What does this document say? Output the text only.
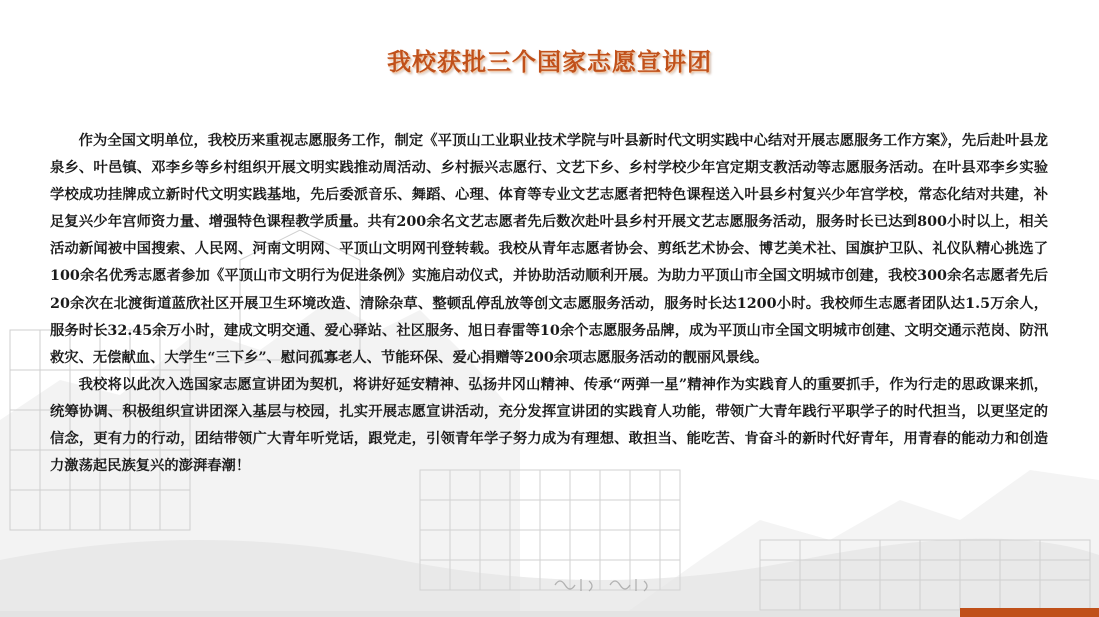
我校获批三个国家志愿宣讲团

作为全国文明单位，我校历来重视志愿服务工作，制定《平顶山工业职业技术学院与叶县新时代文明实践中心结对开展志愿服务工作方案》，先后赴叶县龙泉乡、叶邑镇、邓李乡等乡村组织开展文明实践推动周活动、乡村振兴志愿行、文艺下乡、乡村学校少年宫定期支教活动等志愿服务活动。在叶县邓李乡实验学校成功挂牌成立新时代文明实践基地，先后委派音乐、舞蹈、心理、体育等专业文艺志愿者把特色课程送入叶县乡村复兴少年宫学校，常态化结对共建，补足复兴少年宫师资力量、增强特色课程教学质量。共有200余名文艺志愿者先后数次赴叶县乡村开展文艺志愿服务活动，服务时长已达到800小时以上，相关活动新闻被中国搜索、人民网、河南文明网、平顶山文明网刊登转载。我校从青年志愿者协会、剪纸艺术协会、博艺美术社、国旗护卫队、礼仪队精心挑选了100余名优秀志愿者参加《平顶山市文明行为促进条例》实施启动仪式，并协助活动顺利开展。为助力平顶山市全国文明城市创建，我校300余名志愿者先后20余次在北渡街道蓝欣社区开展卫生环境改造、清除杂草、整顿乱停乱放等创文志愿服务活动，服务时长达1200小时。我校师生志愿者团队达1.5万余人，服务时长32.45余万小时，建成文明交通、爱心驿站、社区服务、旭日春雷等10余个志愿服务品牌，成为平顶山市全国文明城市创建、文明交通示范岗、防汛救灾、无偿献血、大学生“三下乡”、慰问孤寡老人、节能环保、爱心捐赠等200余项志愿服务活动的靓丽风景线。

我校将以此次入选国家志愿宣讲团为契机，将讲好延安精神、弘扬井冈山精神、传承“两弹一星”精神作为实践育人的重要抓手，作为行走的思政课来抓，统筹协调、积极组织宣讲团深入基层与校园，扎实开展志愿宣讲活动，充分发挥宣讲团的实践育人功能，带领广大青年践行平职学子的时代担当，以更坚定的信念，更有力的行动，团结带领广大青年听党话，跟党走，引领青年学子努力成为有理想、敢担当、能吃苦、肯奋斗的新时代好青年，用青春的能动力和创造力激荡起民族复兴的澎湃春潮！
